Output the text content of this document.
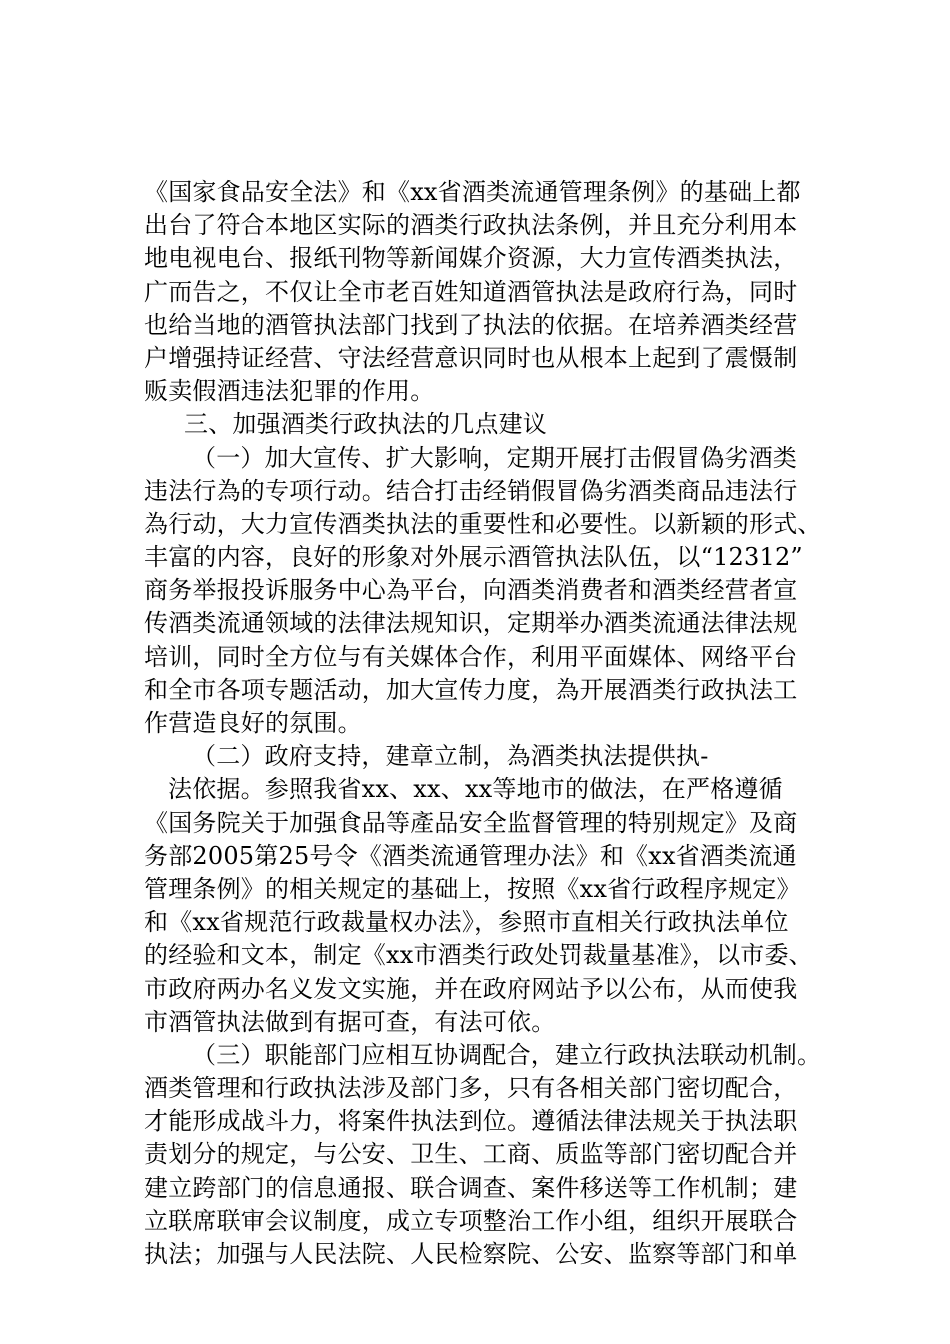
《国家食品安全法》和《xx省酒类流通管理条例》的基础上都
出台了符合本地区实际的酒类行政执法条例，并且充分利用本
地电视电台、报纸刊物等新闻媒介资源，大力宣传酒类执法，
广而告之，不仅让全市老百姓知道酒管执法是政府行為，同时
也给当地的酒管执法部门找到了执法的依据。在培养酒类经营
户增强持证经营、守法经营意识同时也从根本上起到了震慑制
贩卖假酒违法犯罪的作用。
三、加强酒类行政执法的几点建议
（一）加大宣传、扩大影响，定期开展打击假冒偽劣酒类
违法行為的专项行动。结合打击经销假冒偽劣酒类商品违法行
為行动，大力宣传酒类执法的重要性和必要性。以新颖的形式、
丰富的内容，良好的形象对外展示酒管执法队伍，以“12312”
商务举报投诉服务中心為平台，向酒类消费者和酒类经营者宣
传酒类流通领域的法律法规知识，定期举办酒类流通法律法规
培训，同时全方位与有关媒体合作，利用平面媒体、网络平台
和全市各项专题活动，加大宣传力度，為开展酒类行政执法工
作营造良好的氛围。
（二）政府支持，建章立制，為酒类执法提供执-
法依据。参照我省xx、xx、xx等地市的做法，在严格遵循
《国务院关于加强食品等產品安全监督管理的特别规定》及商
务部2005第25号令《酒类流通管理办法》和《xx省酒类流通
管理条例》的相关规定的基础上，按照《xx省行政程序规定》
和《xx省规范行政裁量权办法》，参照市直相关行政执法单位
的经验和文本，制定《xx市酒类行政处罚裁量基准》，以市委、
市政府两办名义发文实施，并在政府网站予以公布，从而使我
市酒管执法做到有据可查，有法可依。
（三）职能部门应相互协调配合，建立行政执法联动机制。
酒类管理和行政执法涉及部门多，只有各相关部门密切配合，
才能形成战斗力，将案件执法到位。遵循法律法规关于执法职
责划分的规定，与公安、卫生、工商、质监等部门密切配合并
建立跨部门的信息通报、联合调查、案件移送等工作机制；建
立联席联审会议制度，成立专项整治工作小组，组织开展联合
执法；加强与人民法院、人民检察院、公安、监察等部门和单
